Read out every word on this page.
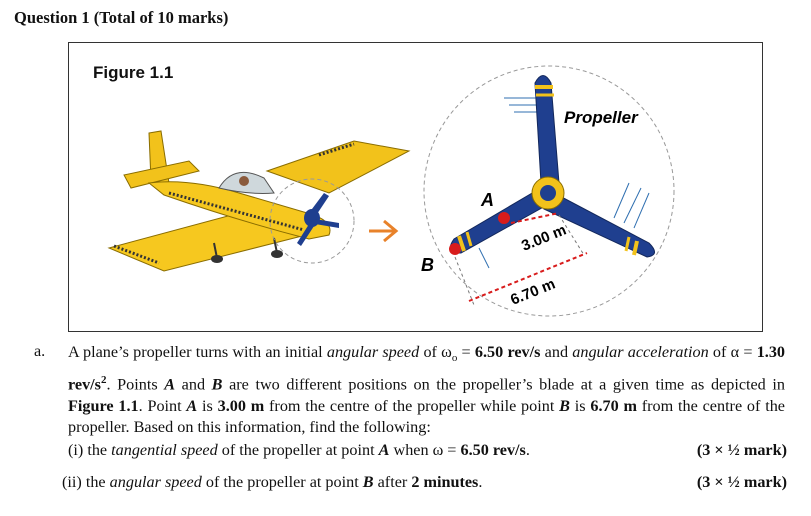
Question 1 (Total of 10 marks)
Propeller
A
B
3.00 m
6.70 m
Figure 1.1
a. A plane’s propeller turns with an initial angular speed of $\omega_o = 6.50$ rev/s and angular acceleration of α = 1.30 rev/$s^2$. Points A and B are two different positions on the propeller’s blade at a given time as depicted in Figure 1.1. Point A is 3.00 m from the centre of the propeller while point B is 6.70 m from the centre of the propeller. Based on this information, find the following:
(i) the tangential speed of the propeller at point A when ω = 6.50 rev/s.	(3 × ½ mark)
(ii) the angular speed of the propeller at point B after 2 minutes.	(3 × ½ mark)
